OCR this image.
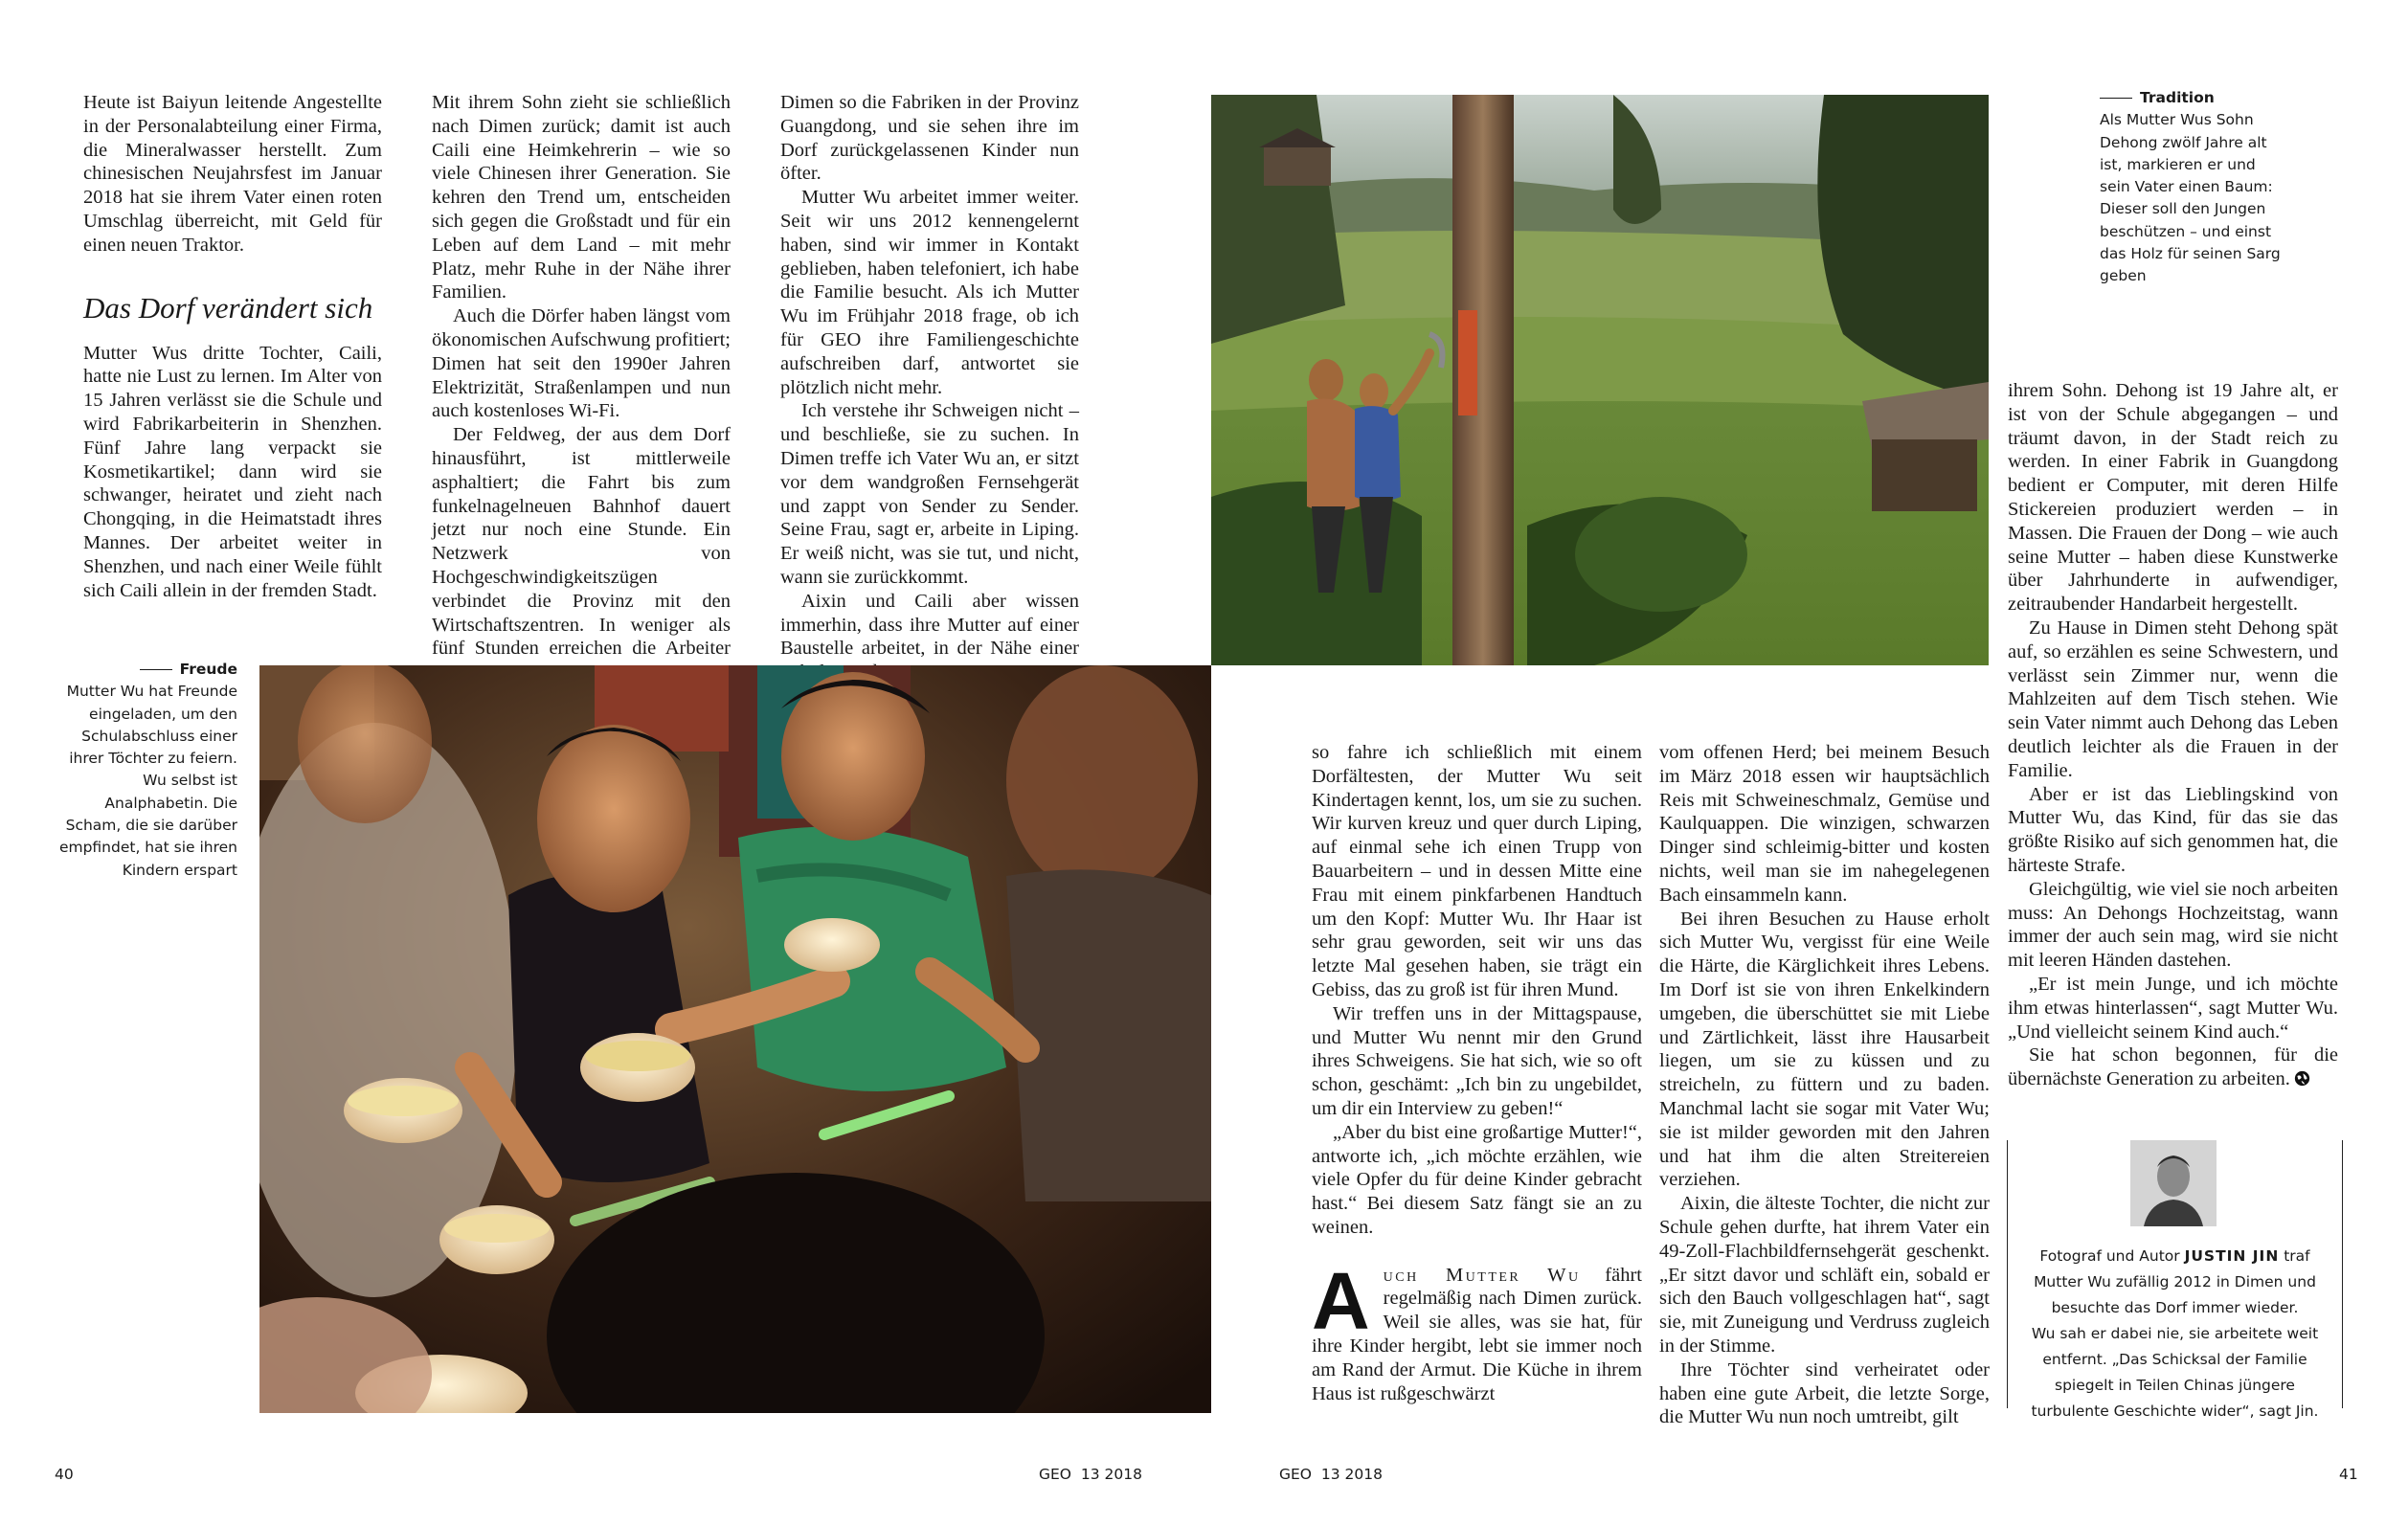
Heute ist Baiyun leitende Angestellte in der Personalabteilung einer Firma, die Mineralwasser herstellt. Zum chinesischen Neujahrsfest im Januar 2018 hat sie ihrem Vater einen roten Umschlag überreicht, mit Geld für einen neuen Traktor.

Das Dorf verändert sich

Mutter Wus dritte Tochter, Caili, hatte nie Lust zu lernen. Im Alter von 15 Jahren verlässt sie die Schule und wird Fabrikarbeiterin in Shenzhen. Fünf Jahre lang verpackt sie Kosmetikartikel; dann wird sie schwanger, heiratet und zieht nach Chongqing, in die Heimatstadt ihres Mannes. Der arbeitet weiter in Shenzhen, und nach einer Weile fühlt sich Caili allein in der fremden Stadt.

Mit ihrem Sohn zieht sie schließlich nach Dimen zurück; damit ist auch Caili eine Heimkehrerin – wie so viele Chinesen ihrer Generation. Sie kehren den Trend um, entscheiden sich gegen die Großstadt und für ein Leben auf dem Land – mit mehr Platz, mehr Ruhe in der Nähe ihrer Familien.

Auch die Dörfer haben längst vom ökonomischen Aufschwung profitiert; Dimen hat seit den 1990er Jahren Elektrizität, Straßenlampen und nun auch kostenloses Wi-Fi.

Der Feldweg, der aus dem Dorf hinausführt, ist mittlerweile asphaltiert; die Fahrt bis zum funkelnagelneuen Bahnhof dauert jetzt nur noch eine Stunde. Ein Netzwerk von Hochgeschwindigkeitszügen verbindet die Provinz mit den Wirtschaftszentren. In weniger als fünf Stunden erreichen die Arbeiter

Dimen so die Fabriken in der Provinz Guangdong, und sie sehen ihre im Dorf zurückgelassenen Kinder nun öfter.

Mutter Wu arbeitet immer weiter. Seit wir uns 2012 kennengelernt haben, sind wir immer in Kontakt geblieben, haben telefoniert, ich habe die Familie besucht. Als ich Mutter Wu im Frühjahr 2018 frage, ob ich für GEO ihre Familiengeschichte aufschreiben darf, antwortet sie plötzlich nicht mehr.

Ich verstehe ihr Schweigen nicht – und beschließe, sie zu suchen. In Dimen treffe ich Vater Wu an, er sitzt vor dem wandgroßen Fernsehgerät und zappt von Sender zu Sender. Seine Frau, sagt er, arbeite in Liping. Er weiß nicht, was sie tut, und nicht, wann sie zurückkommt.

Aixin und Caili aber wissen immerhin, dass ihre Mutter auf einer Baustelle arbeitet, in der Nähe einer

Freude
Mutter Wu hat Freunde eingeladen, um den Schulabschluss einer ihrer Töchter zu feiern. Wu selbst ist Analphabetin. Die Scham, die sie darüber empfindet, hat sie ihren Kindern erspart
Tradition
Als Mutter Wus Sohn Dehong zwölf Jahre alt ist, markieren er und sein Vater einen Baum: Dieser soll den Jungen beschützen – und einst das Holz für seinen Sarg geben

so fahre ich schließlich mit einem Dorfältesten, der Mutter Wu seit Kindertagen kennt, los, um sie zu suchen. Wir kurven kreuz und quer durch Liping, auf einmal sehe ich einen Trupp von Bauarbeitern – und in dessen Mitte eine Frau mit einem pinkfarbenen Handtuch um den Kopf: Mutter Wu. Ihr Haar ist sehr grau geworden, seit wir uns das letzte Mal gesehen haben, sie trägt ein Gebiss, das zu groß ist für ihren Mund.

Wir treffen uns in der Mittagspause, und Mutter Wu nennt mir den Grund ihres Schweigens. Sie hat sich, wie so oft schon, geschämt: „Ich bin zu ungebildet, um dir ein Interview zu geben!“

„Aber du bist eine großartige Mutter!“, antworte ich, „ich möchte erzählen, wie viele Opfer du für deine Kinder gebracht hast.“ Bei diesem Satz fängt sie an zu weinen.

Auch Mutter Wu fährt regelmäßig nach Dimen zurück. Weil sie alles, was sie hat, für ihre Kinder hergibt, lebt sie immer noch am Rand der Armut. Die Küche in ihrem Haus ist rußgeschwärzt

vom offenen Herd; bei meinem Besuch im März 2018 essen wir hauptsächlich Reis mit Schweineschmalz, Gemüse und Kaulquappen. Die winzigen, schwarzen Dinger sind schleimig-bitter und kosten nichts, weil man sie im nahegelegenen Bach einsammeln kann.

Bei ihren Besuchen zu Hause erholt sich Mutter Wu, vergisst für eine Weile die Härte, die Kärglichkeit ihres Lebens. Im Dorf ist sie von ihren Enkelkindern umgeben, die überschüttet sie mit Liebe und Zärtlichkeit, lässt ihre Hausarbeit liegen, um sie zu küssen und zu streicheln, zu füttern und zu baden. Manchmal lacht sie sogar mit Vater Wu; sie ist milder geworden mit den Jahren und hat ihm die alten Streitereien verziehen.

Aixin, die älteste Tochter, die nicht zur Schule gehen durfte, hat ihrem Vater ein 49-Zoll-Flachbildfernsehgerät geschenkt. „Er sitzt davor und schläft ein, sobald er sich den Bauch vollgeschlagen hat“, sagt sie, mit Zuneigung und Verdruss zugleich in der Stimme.

Ihre Töchter sind verheiratet oder haben eine gute Arbeit, die letzte Sorge, die Mutter Wu nun noch umtreibt, gilt

ihrem Sohn. Dehong ist 19 Jahre alt, er ist von der Schule abgegangen – und träumt davon, in der Stadt reich zu werden. In einer Fabrik in Guangdong bedient er Computer, mit deren Hilfe Stickereien produziert werden – in Massen. Die Frauen der Dong – wie auch seine Mutter – haben diese Kunstwerke über Jahrhunderte in aufwendiger, zeitraubender Handarbeit hergestellt.

Zu Hause in Dimen steht Dehong spät auf, so erzählen es seine Schwestern, und verlässt sein Zimmer nur, wenn die Mahlzeiten auf dem Tisch stehen. Wie sein Vater nimmt auch Dehong das Leben deutlich leichter als die Frauen in der Familie.

Aber er ist das Lieblingskind von Mutter Wu, das Kind, für das sie das größte Risiko auf sich genommen hat, die härteste Strafe.

Gleichgültig, wie viel sie noch arbeiten muss: An Dehongs Hochzeitstag, wann immer der auch sein mag, wird sie nicht mit leeren Händen dastehen.

„Er ist mein Junge, und ich möchte ihm etwas hinterlassen“, sagt Mutter Wu. „Und vielleicht seinem Kind auch.“

Sie hat schon begonnen, für die übernächste Generation zu arbeiten.

Fotograf und Autor JUSTIN JIN traf
Mutter Wu zufällig 2012 in Dimen und
besuchte das Dorf immer wieder.
Wu sah er dabei nie, sie arbeitete weit
entfernt. „Das Schicksal der Familie
spiegelt in Teilen Chinas jüngere
turbulente Geschichte wider“, sagt Jin.
40	GEO  13 2018	GEO  13 2018	41
